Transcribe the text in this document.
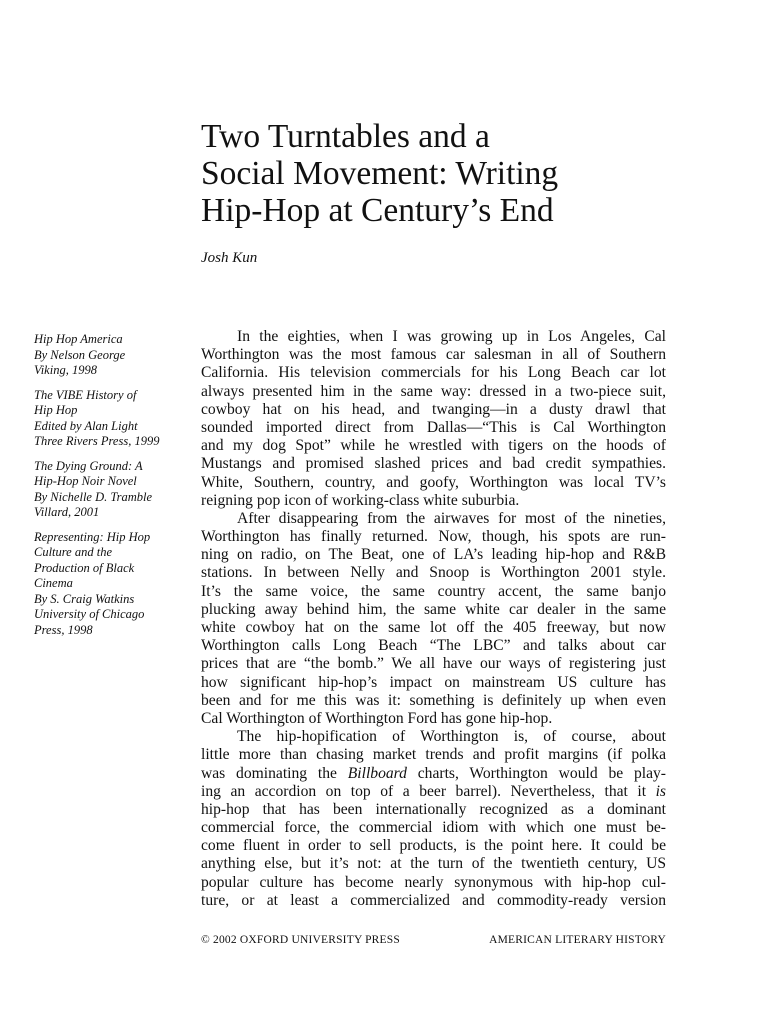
Two Turntables and a
Social Movement: Writing
Hip-Hop at Century’s End

Josh Kun

Hip Hop America
By Nelson George
Viking, 1998
The VIBE History of
Hip Hop
Edited by Alan Light
Three Rivers Press, 1999
The Dying Ground: A
Hip-Hop Noir Novel
By Nichelle D. Tramble
Villard, 2001
Representing: Hip Hop
Culture and the
Production of Black
Cinema
By S. Craig Watkins
University of Chicago
Press, 1998
In the eighties, when I was growing up in Los Angeles, Cal
Worthington was the most famous car salesman in all of Southern
California. His television commercials for his Long Beach car lot
always presented him in the same way: dressed in a two-piece suit,
cowboy hat on his head, and twanging—in a dusty drawl that
sounded imported direct from Dallas—“This is Cal Worthington
and my dog Spot” while he wrestled with tigers on the hoods of
Mustangs and promised slashed prices and bad credit sympathies.
White, Southern, country, and goofy, Worthington was local TV’s
reigning pop icon of working-class white suburbia.
After disappearing from the airwaves for most of the nineties,
Worthington has finally returned. Now, though, his spots are run-
ning on radio, on The Beat, one of LA’s leading hip-hop and R&B
stations. In between Nelly and Snoop is Worthington 2001 style.
It’s the same voice, the same country accent, the same banjo
plucking away behind him, the same white car dealer in the same
white cowboy hat on the same lot off the 405 freeway, but now
Worthington calls Long Beach “The LBC” and talks about car
prices that are “the bomb.” We all have our ways of registering just
how significant hip-hop’s impact on mainstream US culture has
been and for me this was it: something is definitely up when even
Cal Worthington of Worthington Ford has gone hip-hop.
The hip-hopification of Worthington is, of course, about
little more than chasing market trends and profit margins (if polka
was dominating the Billboard charts, Worthington would be play-
ing an accordion on top of a beer barrel). Nevertheless, that it is
hip-hop that has been internationally recognized as a dominant
commercial force, the commercial idiom with which one must be-
come fluent in order to sell products, is the point here. It could be
anything else, but it’s not: at the turn of the twentieth century, US
popular culture has become nearly synonymous with hip-hop cul-
ture, or at least a commercialized and commodity-ready version
© 2002 OXFORD UNIVERSITY PRESS	AMERICAN LITERARY HISTORY
